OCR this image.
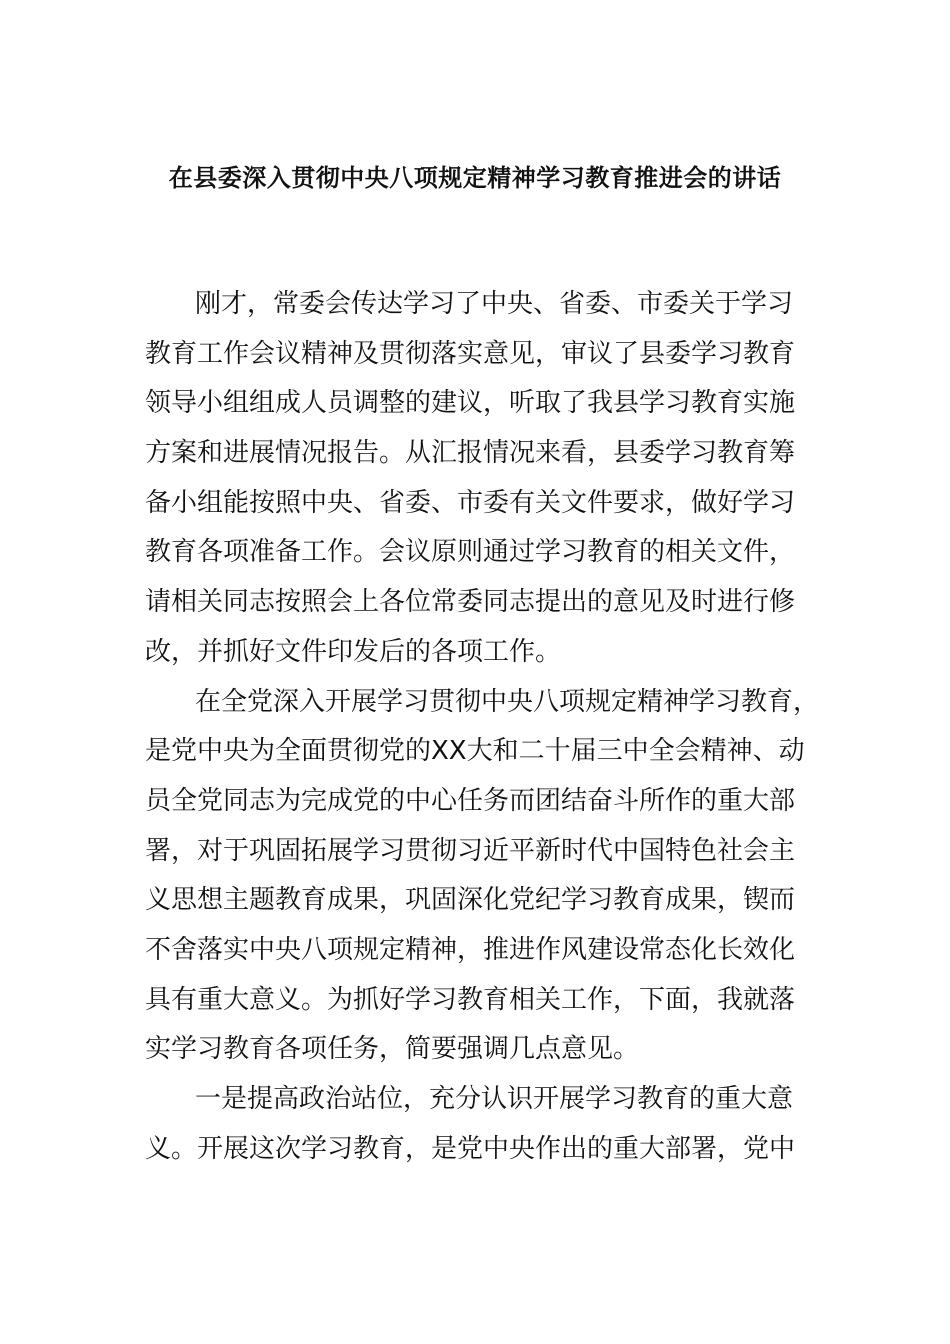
在县委深入贯彻中央八项规定精神学习教育推进会的讲话
刚才，常委会传达学习了中央、省委、市委关于学习
教育工作会议精神及贯彻落实意见，审议了县委学习教育
领导小组组成人员调整的建议，听取了我县学习教育实施
方案和进展情况报告。从汇报情况来看，县委学习教育筹
备小组能按照中央、省委、市委有关文件要求，做好学习
教育各项准备工作。会议原则通过学习教育的相关文件，
请相关同志按照会上各位常委同志提出的意见及时进行修
改，并抓好文件印发后的各项工作。
在全党深入开展学习贯彻中央八项规定精神学习教育，
是党中央为全面贯彻党的XX大和二十届三中全会精神、动
员全党同志为完成党的中心任务而团结奋斗所作的重大部
署，对于巩固拓展学习贯彻习近平新时代中国特色社会主
义思想主题教育成果，巩固深化党纪学习教育成果，锲而
不舍落实中央八项规定精神，推进作风建设常态化长效化
具有重大意义。为抓好学习教育相关工作，下面，我就落
实学习教育各项任务，简要强调几点意见。
一是提高政治站位，充分认识开展学习教育的重大意
义。开展这次学习教育，是党中央作出的重大部署，党中
